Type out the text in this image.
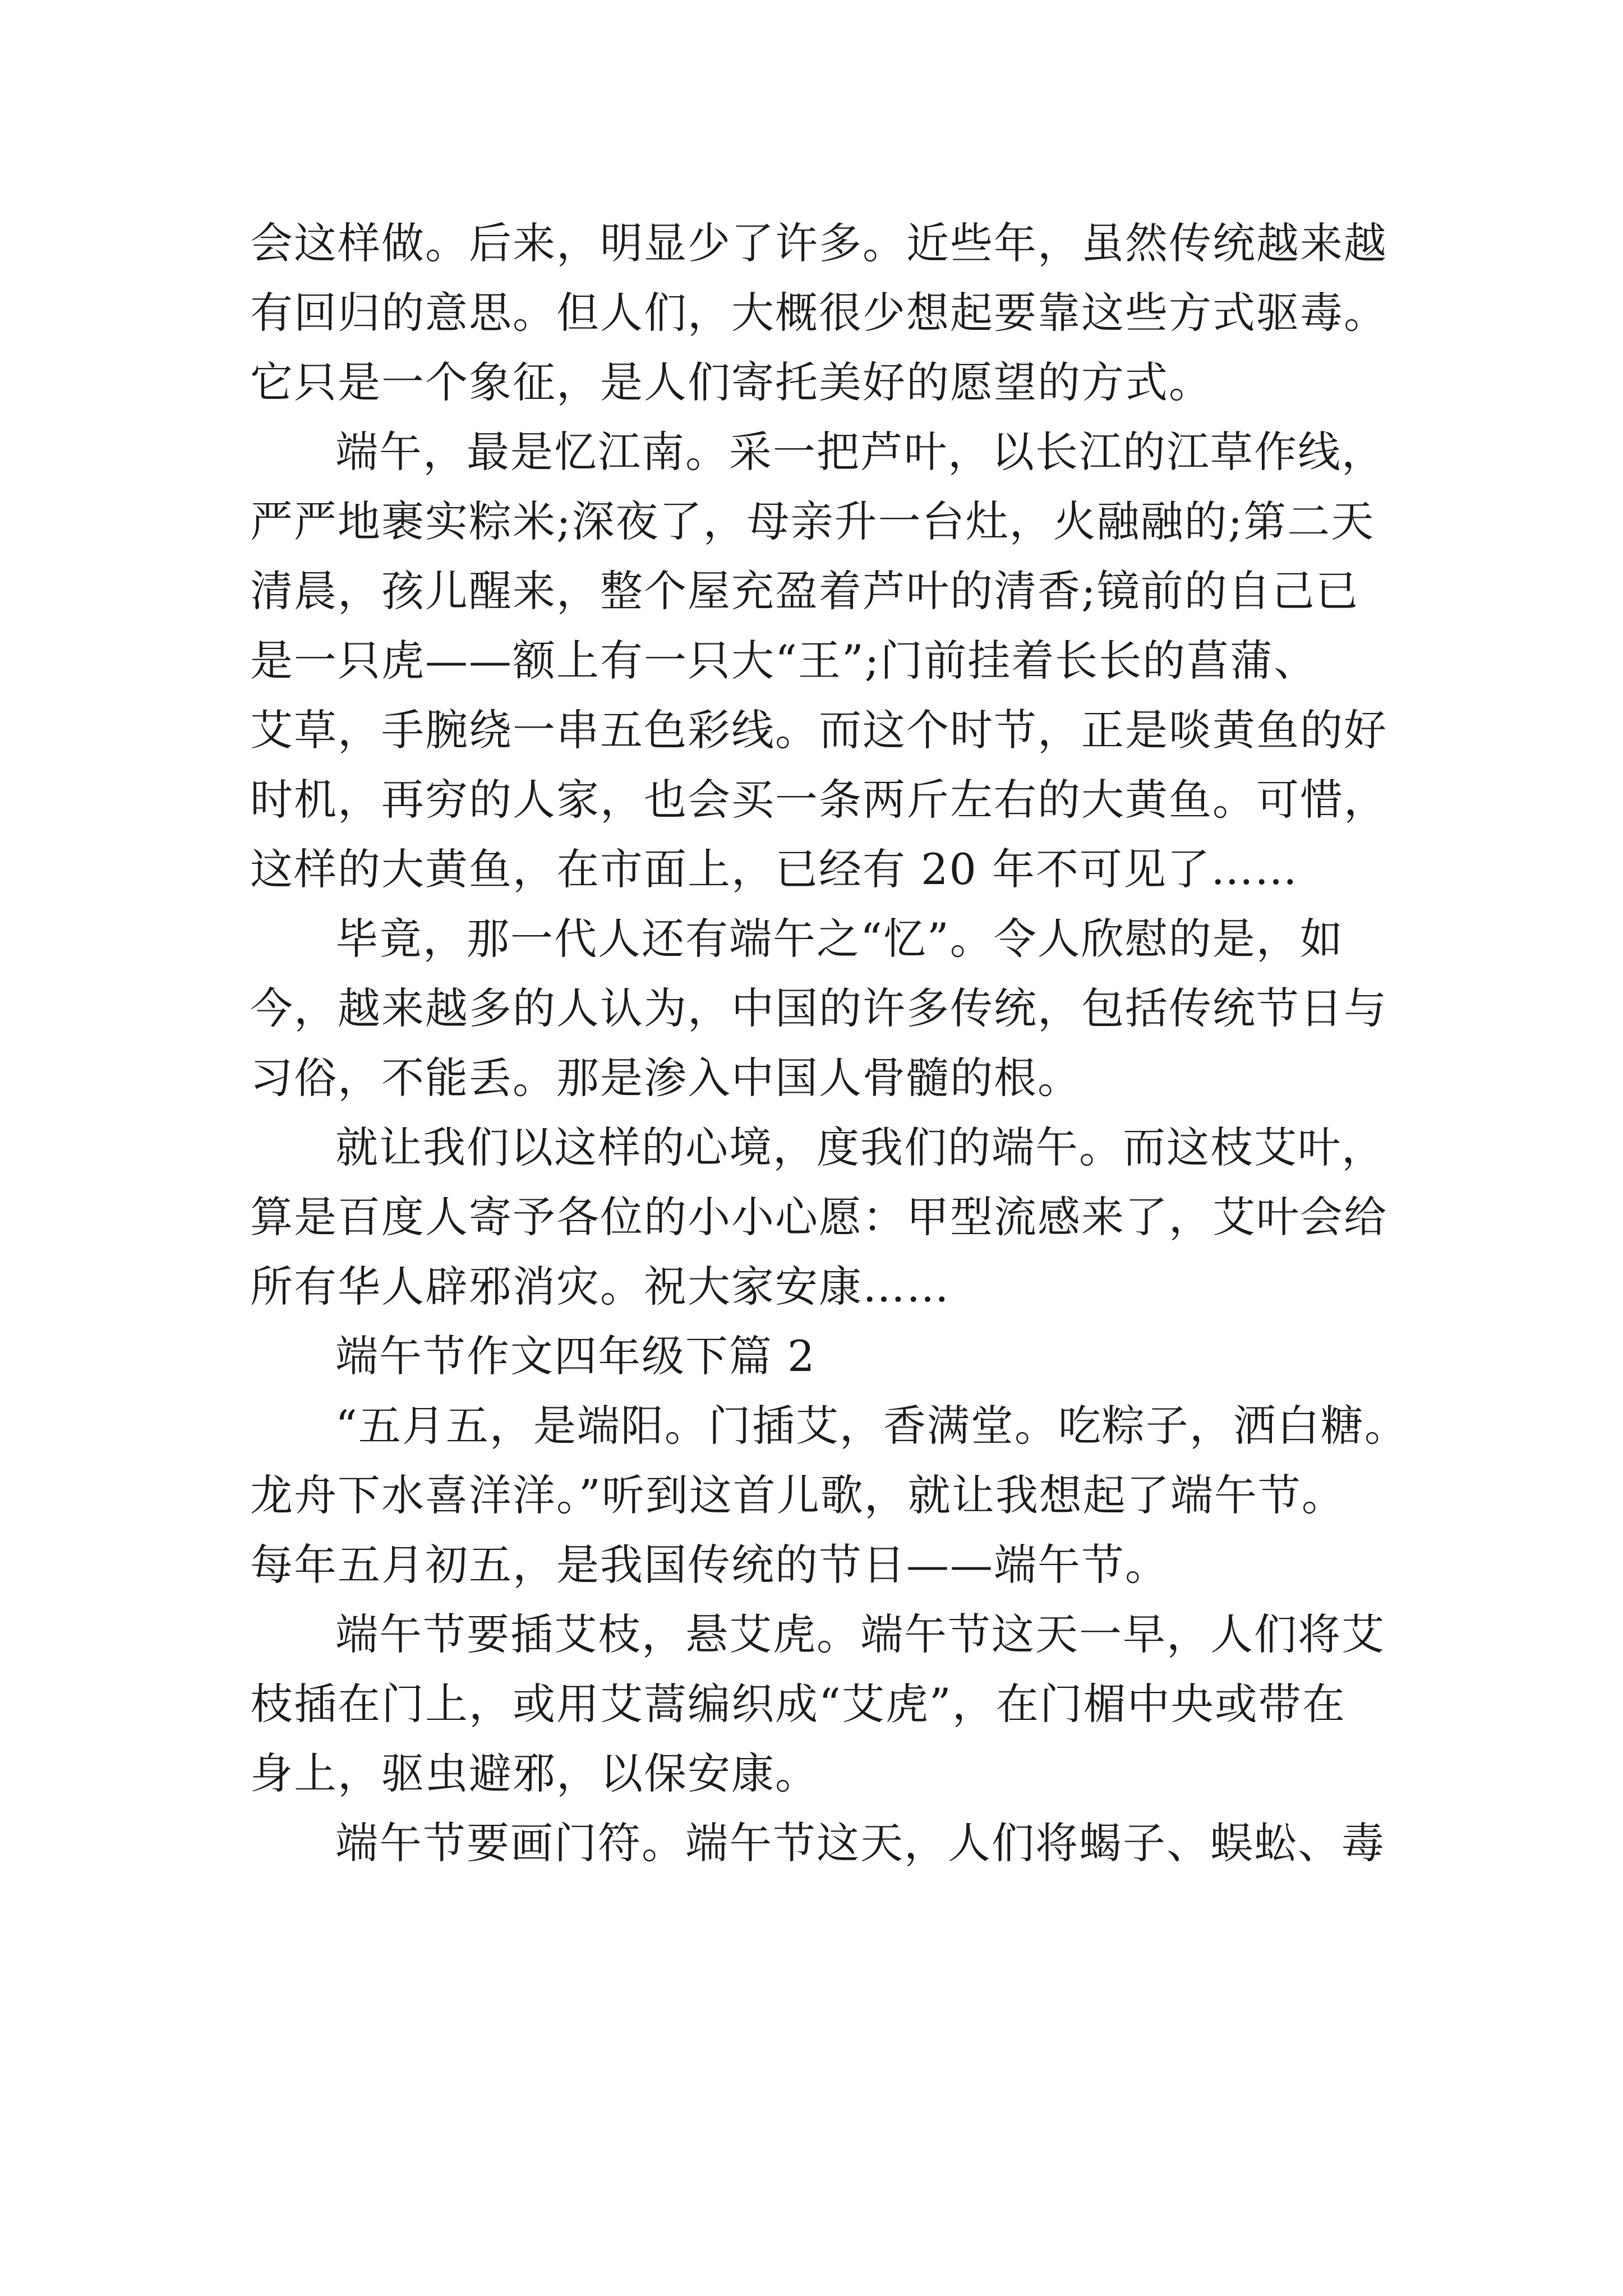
会这样做。后来，明显少了许多。近些年，虽然传统越来越
有回归的意思。但人们，大概很少想起要靠这些方式驱毒。
它只是一个象征，是人们寄托美好的愿望的方式。
端午，最是忆江南。采一把芦叶，以长江的江草作线，
严严地裹实粽米;深夜了，母亲升一台灶，火融融的;第二天
清晨，孩儿醒来，整个屋充盈着芦叶的清香;镜前的自己已
是一只虎——额上有一只大“王”;门前挂着长长的菖蒲、
艾草，手腕绕一串五色彩线。而这个时节，正是啖黄鱼的好
时机，再穷的人家，也会买一条两斤左右的大黄鱼。可惜，
这样的大黄鱼，在市面上，已经有 20 年不可见了……
毕竟，那一代人还有端午之“忆”。令人欣慰的是，如
今，越来越多的人认为，中国的许多传统，包括传统节日与
习俗，不能丢。那是渗入中国人骨髓的根。
就让我们以这样的心境，度我们的端午。而这枝艾叶，
算是百度人寄予各位的小小心愿：甲型流感来了，艾叶会给
所有华人辟邪消灾。祝大家安康……
端午节作文四年级下篇 2
“五月五，是端阳。门插艾，香满堂。吃粽子，洒白糖。
龙舟下水喜洋洋。”听到这首儿歌，就让我想起了端午节。
每年五月初五，是我国传统的节日——端午节。
端午节要插艾枝，悬艾虎。端午节这天一早，人们将艾
枝插在门上，或用艾蒿编织成“艾虎”，在门楣中央或带在
身上，驱虫避邪，以保安康。
端午节要画门符。端午节这天，人们将蝎子、蜈蚣、毒
